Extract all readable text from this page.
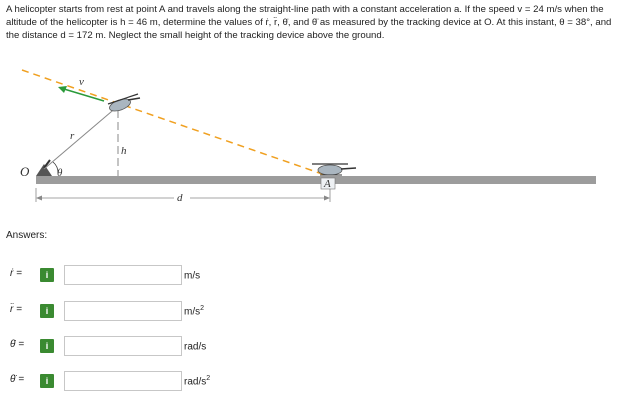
A helicopter starts from rest at point A and travels along the straight-line path with a constant acceleration a. If the speed v = 24 m/s when the altitude of the helicopter is h = 46 m, determine the values of ṙ, r̈, θ̇, and θ̈ as measured by the tracking device at O. At this instant, θ = 38°, and the distance d = 172 m. Neglect the small height of the tracking device above the ground.
O	θ
r
v
h
d
A
Answers:
ṙ =	i	m/s
r̈ =	i	$m/s^2$
θ̇ =	i	rad/s
θ̈ =	i	rad/$s^2$
